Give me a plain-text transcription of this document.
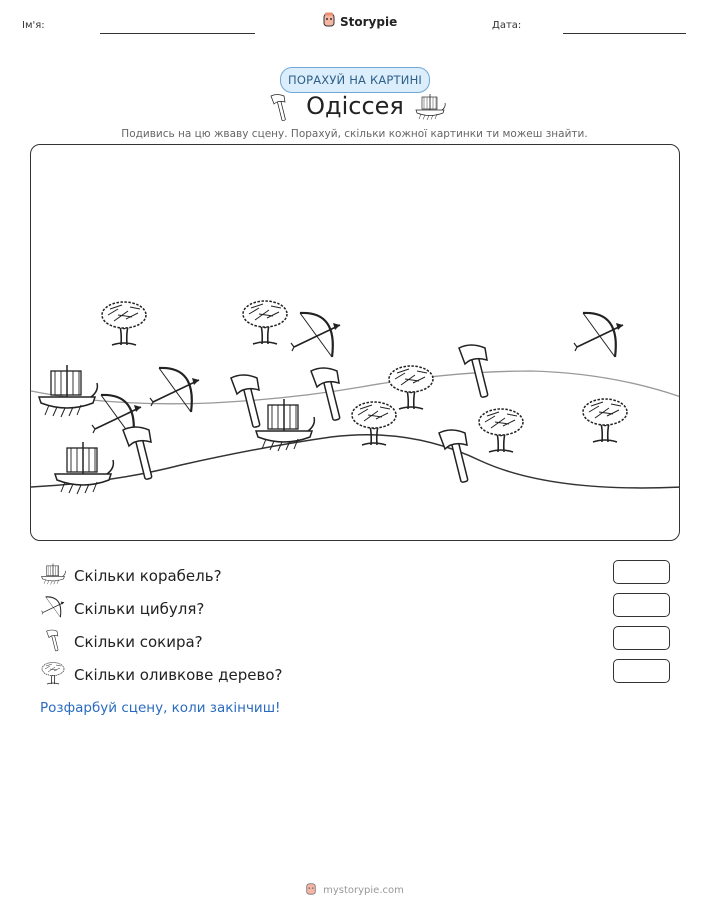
Ім'я:	Storypie	Дата:
ПОРАХУЙ НА КАРТИНІ
Одіссея
Подивись на цю жваву сцену. Порахуй, скільки кожної картинки ти можеш знайти.
Скільки корабель?
Скільки цибуля?
Скільки сокира?
Скільки оливкове дерево?
Розфарбуй сцену, коли закінчиш!
mystorypie.com
